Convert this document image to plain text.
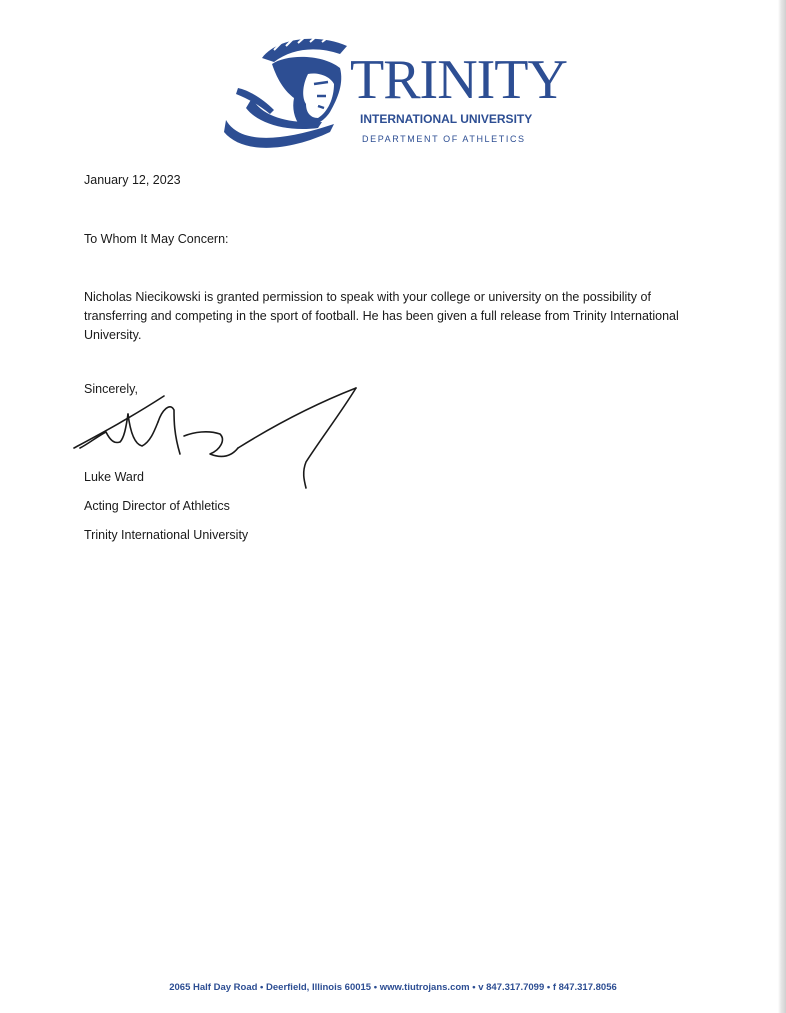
TRINITY
INTERNATIONAL UNIVERSITY
DEPARTMENT OF ATHLETICS
January 12, 2023
To Whom It May Concern:
Nicholas Niecikowski is granted permission to speak with your college or university on the possibility of transferring and competing in the sport of football. He has been given a full release from Trinity International University.
Sincerely,
Luke Ward
Acting Director of Athletics
Trinity International University
2065 Half Day Road • Deerfield, Illinois 60015 • www.tiutrojans.com • v 847.317.7099 • f 847.317.8056
